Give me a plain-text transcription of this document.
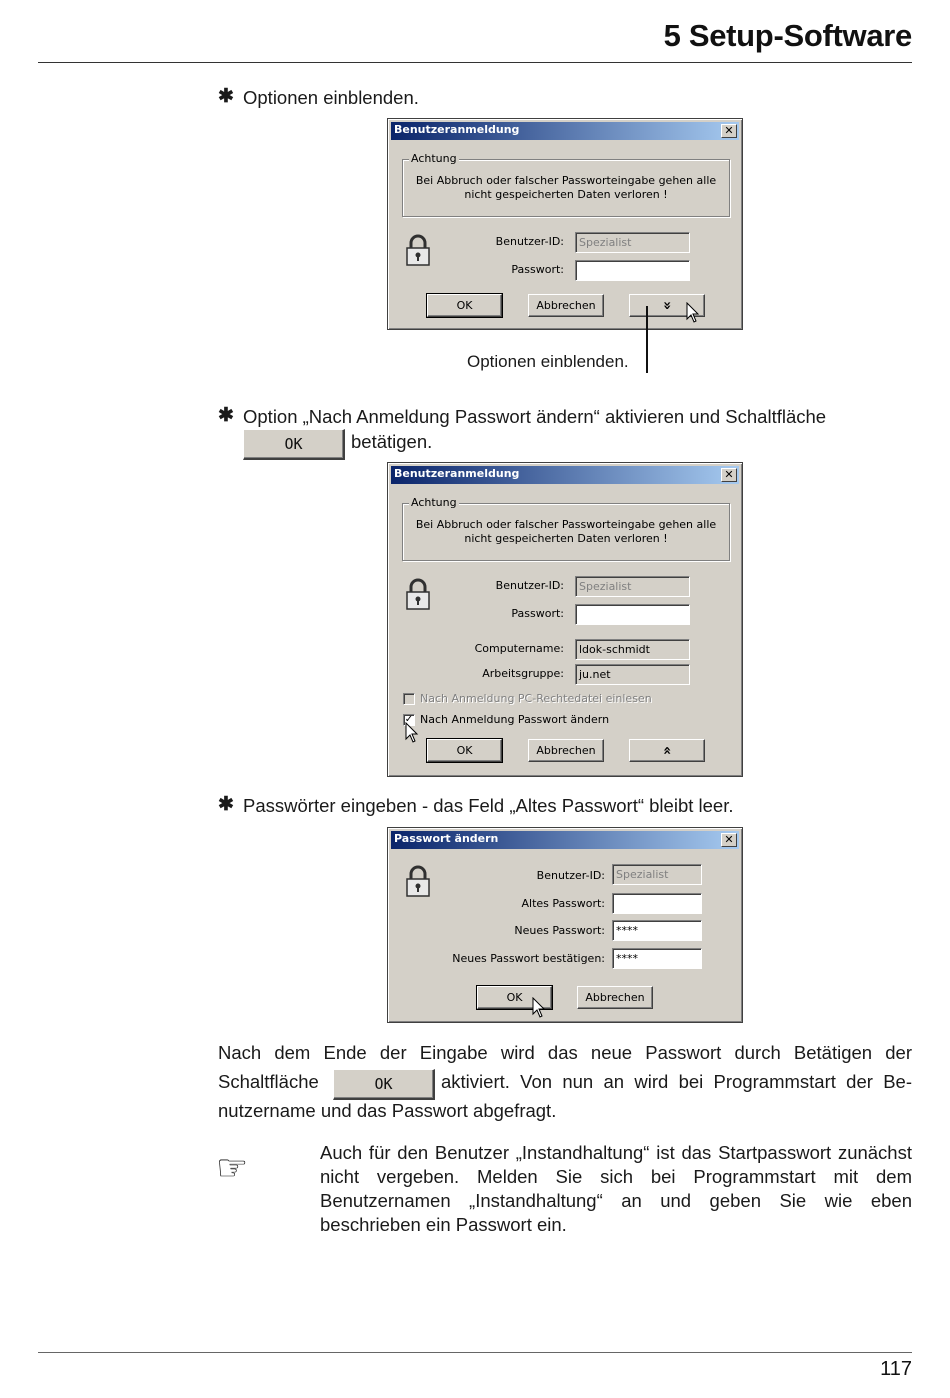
5 Setup-Software
✱ Optionen einblenden.
Benutzeranmeldung	✕
Achtung
Bei Abbruch oder falscher Passworteingabe gehen alle nicht gespeicherten Daten verloren !
Benutzer-ID:	Spezialist
Passwort:
OK	Abbrechen	»
Optionen einblenden.
✱ Option „Nach Anmeldung Passwort ändern“ aktivieren und Schaltfläche
OK	betätigen.
Benutzeranmeldung	✕
Achtung
Bei Abbruch oder falscher Passworteingabe gehen alle nicht gespeicherten Daten verloren !
Benutzer-ID:	Spezialist
Passwort:
Computername:	ldok-schmidt
Arbeitsgruppe:	ju.net
Nach Anmeldung PC-Rechtedatei einlesen
✓ Nach Anmeldung Passwort ändern
OK	Abbrechen	«
✱ Passwörter eingeben - das Feld „Altes Passwort“ bleibt leer.
Passwort ändern	✕
Benutzer-ID:	Spezialist
Altes Passwort:
Neues Passwort:	****
Neues Passwort bestätigen:	****
OK	Abbrechen
Nach dem Ende der Eingabe wird das neue Passwort durch Betätigen der
Schaltfläche	OK	aktiviert. Von nun an wird bei Programmstart der Be-
nutzername und das Passwort abgefragt.
☞	Auch für den Benutzer „Instandhaltung“ ist das Startpasswort zunächst nicht vergeben. Melden Sie sich bei Programmstart mit dem Benutzernamen „Instandhaltung“ an und geben Sie wie eben beschrieben ein Passwort ein.
117
